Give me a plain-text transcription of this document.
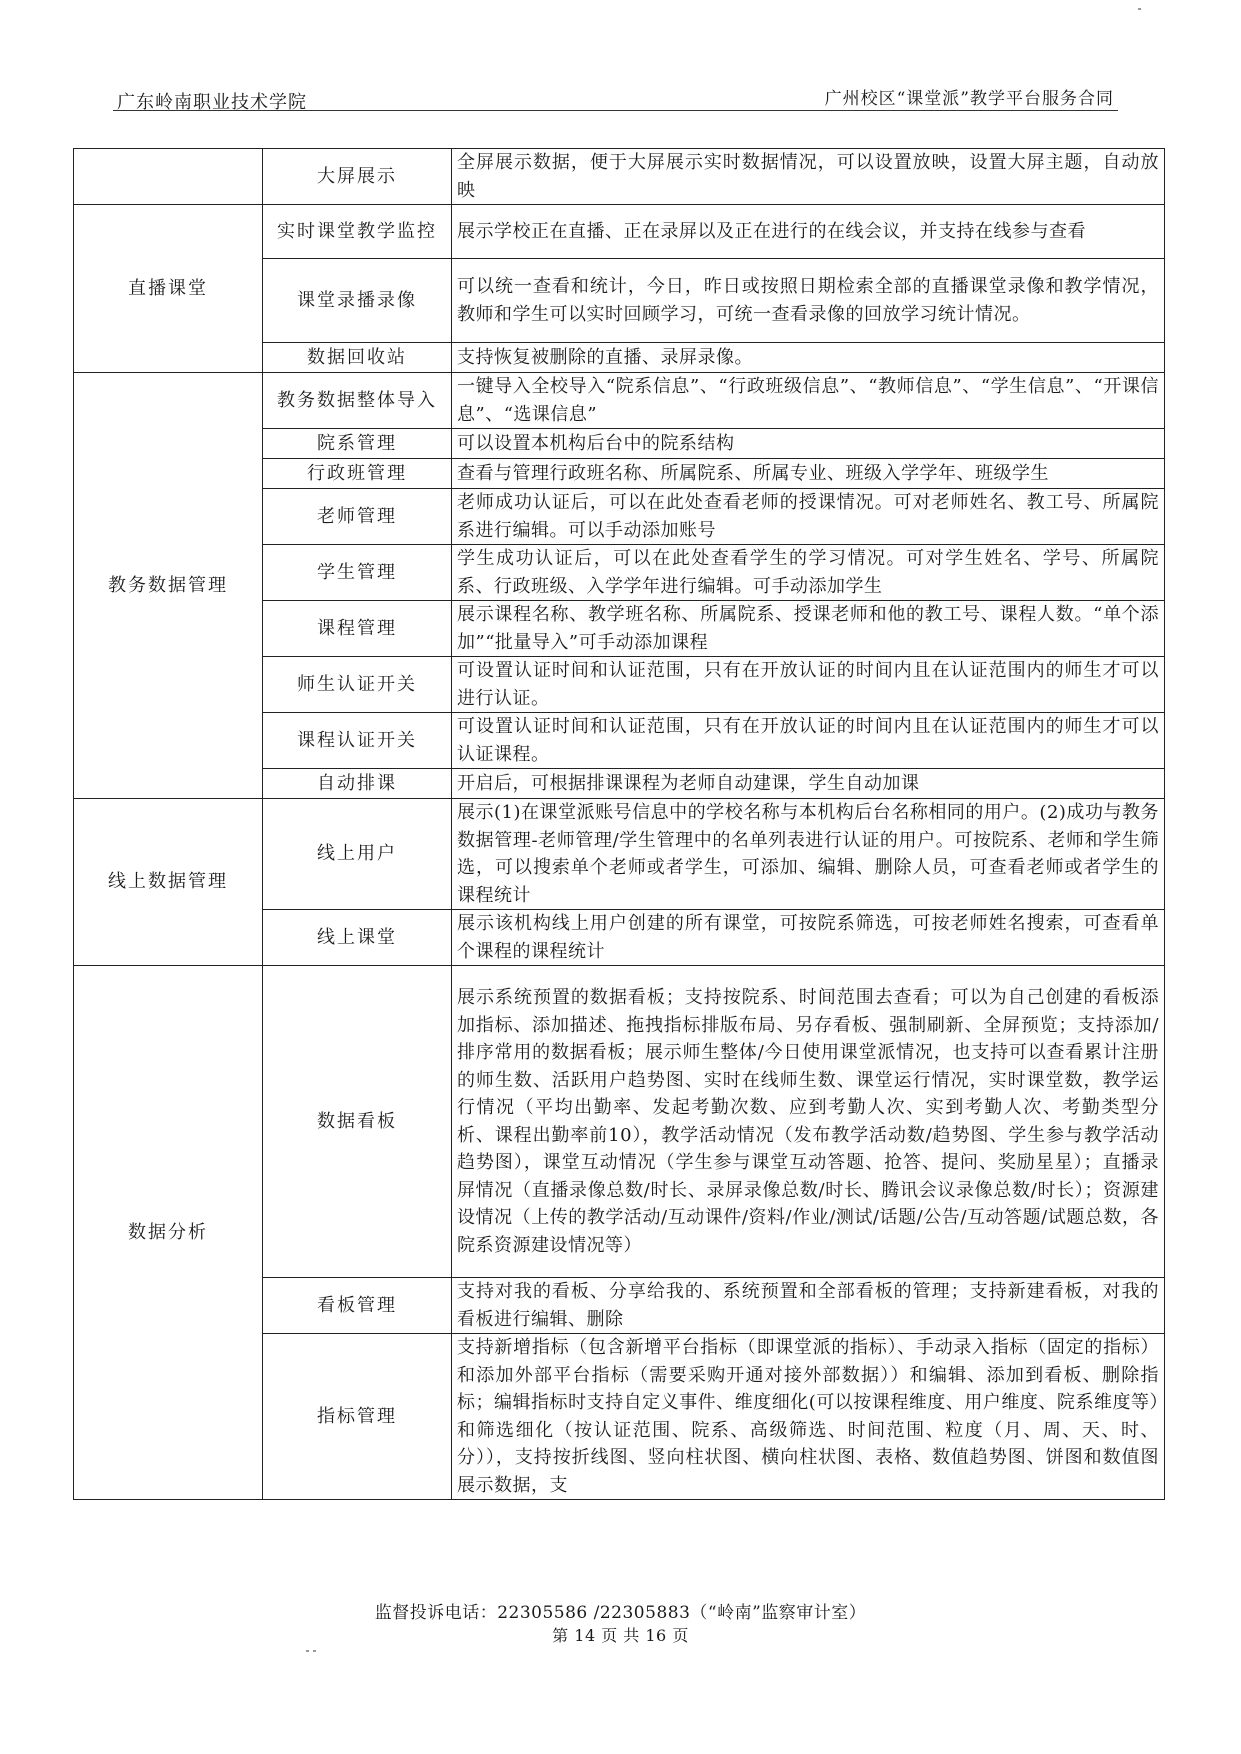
广东岭南职业技术学院	广州校区“课堂派”教学平台服务合同
	大屏展示	全屏展示数据，便于大屏展示实时数据情况，可以设置放映，设置大屏主题，自动放映
直播课堂	实时课堂教学监控	展示学校正在直播、正在录屏以及正在进行的在线会议，并支持在线参与查看
	课堂录播录像	可以统一查看和统计，今日，昨日或按照日期检索全部的直播课堂录像和教学情况，教师和学生可以实时回顾学习，可统一查看录像的回放学习统计情况。
	数据回收站	支持恢复被删除的直播、录屏录像。
教务数据管理	教务数据整体导入	一键导入全校导入“院系信息”、“行政班级信息”、“教师信息”、“学生信息”、“开课信息”、“选课信息”
	院系管理	可以设置本机构后台中的院系结构
	行政班管理	查看与管理行政班名称、所属院系、所属专业、班级入学学年、班级学生
	老师管理	老师成功认证后，可以在此处查看老师的授课情况。可对老师姓名、教工号、所属院系进行编辑。可以手动添加账号
	学生管理	学生成功认证后，可以在此处查看学生的学习情况。可对学生姓名、学号、所属院系、行政班级、入学学年进行编辑。可手动添加学生
	课程管理	展示课程名称、教学班名称、所属院系、授课老师和他的教工号、课程人数。“单个添加”“批量导入”可手动添加课程
	师生认证开关	可设置认证时间和认证范围，只有在开放认证的时间内且在认证范围内的师生才可以进行认证。
	课程认证开关	可设置认证时间和认证范围，只有在开放认证的时间内且在认证范围内的师生才可以认证课程。
	自动排课	开启后，可根据排课课程为老师自动建课，学生自动加课
线上数据管理	线上用户	展示(1)在课堂派账号信息中的学校名称与本机构后台名称相同的用户。(2)成功与教务数据管理-老师管理/学生管理中的名单列表进行认证的用户。可按院系、老师和学生筛选，可以搜索单个老师或者学生，可添加、编辑、删除人员，可查看老师或者学生的课程统计
	线上课堂	展示该机构线上用户创建的所有课堂，可按院系筛选，可按老师姓名搜索，可查看单个课程的课程统计
数据分析	数据看板	展示系统预置的数据看板；支持按院系、时间范围去查看；可以为自己创建的看板添加指标、添加描述、拖拽指标排版布局、另存看板、强制刷新、全屏预览；支持添加/排序常用的数据看板；展示师生整体/今日使用课堂派情况，也支持可以查看累计注册的师生数、活跃用户趋势图、实时在线师生数、课堂运行情况，实时课堂数，教学运行情况（平均出勤率、发起考勤次数、应到考勤人次、实到考勤人次、考勤类型分析、课程出勤率前10），教学活动情况（发布教学活动数/趋势图、学生参与教学活动趋势图），课堂互动情况（学生参与课堂互动答题、抢答、提问、奖励星星）；直播录屏情况（直播录像总数/时长、录屏录像总数/时长、腾讯会议录像总数/时长）；资源建设情况（上传的教学活动/互动课件/资料/作业/测试/话题/公告/互动答题/试题总数，各院系资源建设情况等）
	看板管理	支持对我的看板、分享给我的、系统预置和全部看板的管理；支持新建看板，对我的看板进行编辑、删除
	指标管理	支持新增指标（包含新增平台指标（即课堂派的指标）、手动录入指标（固定的指标）和添加外部平台指标（需要采购开通对接外部数据））和编辑、添加到看板、删除指标；编辑指标时支持自定义事件、维度细化(可以按课程维度、用户维度、院系维度等）和筛选细化（按认证范围、院系、高级筛选、时间范围、粒度（月、周、天、时、分）），支持按折线图、竖向柱状图、横向柱状图、表格、数值趋势图、饼图和数值图展示数据，支
监督投诉电话：22305586 /22305883（“岭南”监察审计室）
第 14 页 共 16 页
